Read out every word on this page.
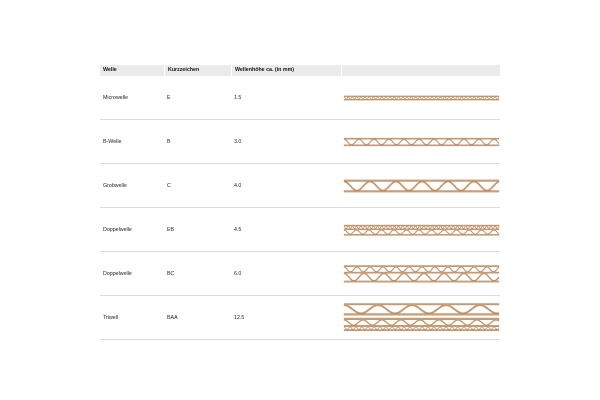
Welle	Kurzzeichen	Wellenhöhe ca. (in mm)
Microwelle	E	1.5
B-Welle	B	3.0
Grobwelle	C	4.0
Doppelwelle	EB	4.5
Doppelwelle	BC	6.0
Triwell	BAA	12.5
